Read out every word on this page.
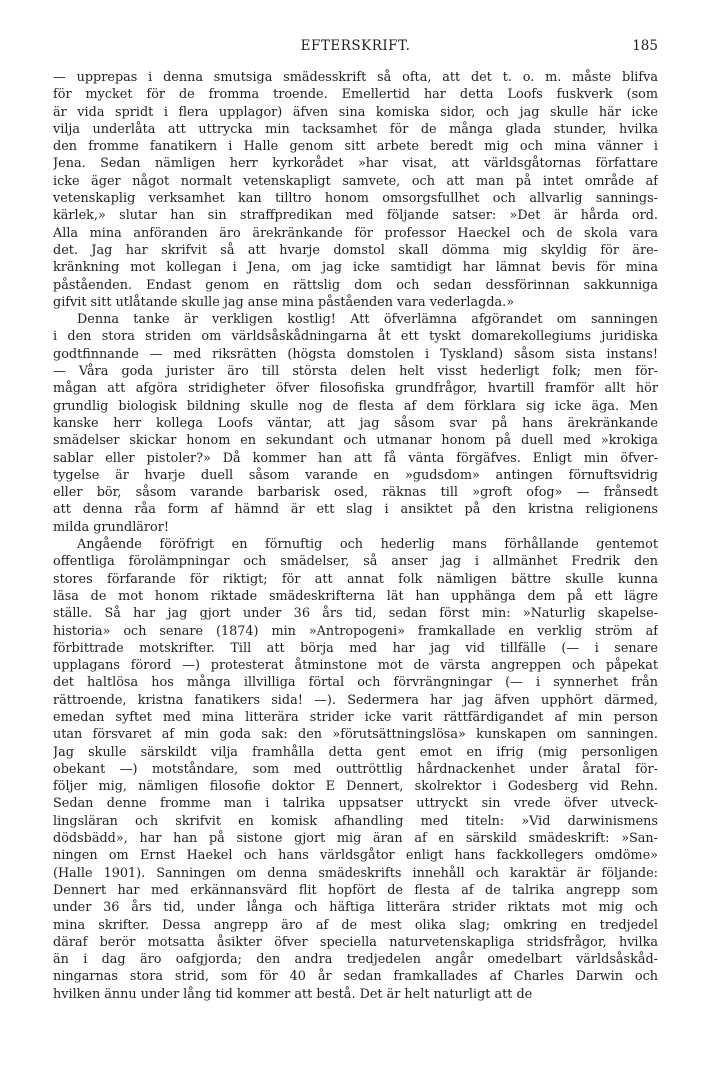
EFTERSKRIFT.	185
— upprepas i denna smutsiga smädesskrift så ofta, att det t. o. m. måste blifva
för mycket för de fromma troende. Emellertid har detta Loofs fuskverk (som
är vida spridt i flera upplagor) äfven sina komiska sidor, och jag skulle här icke
vilja underlåta att uttrycka min tacksamhet för de många glada stunder, hvilka
den fromme fanatikern i Halle genom sitt arbete beredt mig och mina vänner i
Jena. Sedan nämligen herr kyrkorådet »har visat, att världsgåtornas författare
icke äger något normalt vetenskapligt samvete, och att man på intet område af
vetenskaplig verksamhet kan tilltro honom omsorgsfullhet och allvarlig sannings-
kärlek,» slutar han sin straffpredikan med följande satser: »Det är hårda ord.
Alla mina anföranden äro ärekränkande för professor Haeckel och de skola vara
det. Jag har skrifvit så att hvarje domstol skall dömma mig skyldig för äre-
kränkning mot kollegan i Jena, om jag icke samtidigt har lämnat bevis för mina
påståenden. Endast genom en rättslig dom och sedan dessförinnan sakkunniga
gifvit sitt utlåtande skulle jag anse mina påståenden vara vederlagda.»
Denna tanke är verkligen kostlig! Att öfverlämna afgörandet om sanningen
i den stora striden om världsåskådningarna åt ett tyskt domarekollegiums juridiska
godtfinnande — med riksrätten (högsta domstolen i Tyskland) såsom sista instans!
— Våra goda jurister äro till största delen helt visst hederligt folk; men för-
mågan att afgöra stridigheter öfver filosofiska grundfrågor, hvartill framför allt hör
grundlig biologisk bildning skulle nog de flesta af dem förklara sig icke äga. Men
kanske herr kollega Loofs väntar, att jag såsom svar på hans ärekränkande
smädelser skickar honom en sekundant och utmanar honom på duell med »krokiga
sablar eller pistoler?» Då kommer han att få vänta förgäfves. Enligt min öfver-
tygelse är hvarje duell såsom varande en »gudsdom» antingen förnuftsvidrig
eller bör, såsom varande barbarisk osed, räknas till »groft ofog» — frånsedt
att denna råa form af hämnd är ett slag i ansiktet på den kristna religionens
milda grundläror!
Angående föröfrigt en förnuftig och hederlig mans förhållande gentemot
offentliga förolämpningar och smädelser, så anser jag i allmänhet Fredrik den
stores förfarande för riktigt; för att annat folk nämligen bättre skulle kunna
läsa de mot honom riktade smädeskrifterna lät han upphänga dem på ett lägre
ställe. Så har jag gjort under 36 års tid, sedan först min: »Naturlig skapelse-
historia» och senare (1874) min »Antropogeni» framkallade en verklig ström af
förbittrade motskrifter. Till att börja med har jag vid tillfälle (— i senare
upplagans förord —) protesterat åtminstone mot de värsta angreppen och påpekat
det haltlösa hos många illvilliga förtal och förvrängningar (— i synnerhet från
rättroende, kristna fanatikers sida! —). Sedermera har jag äfven upphört därmed,
emedan syftet med mina litterära strider icke varit rättfärdigandet af min person
utan försvaret af min goda sak: den »förutsättningslösa» kunskapen om sanningen.
Jag skulle särskildt vilja framhålla detta gent emot en ifrig (mig personligen
obekant —) motståndare, som med outtröttlig hårdnackenhet under åratal för-
följer mig, nämligen filosofie doktor E Dennert, skolrektor i Godesberg vid Rehn.
Sedan denne fromme man i talrika uppsatser uttryckt sin vrede öfver utveck-
lingsläran och skrifvit en komisk afhandling med titeln: »Vid darwinismens
dödsbädd», har han på sistone gjort mig äran af en särskild smädeskrift: »San-
ningen om Ernst Haekel och hans världsgåtor enligt hans fackkollegers omdöme»
(Halle 1901). Sanningen om denna smädeskrifts innehåll och karaktär är följande:
Dennert har med erkännansvärd flit hopfört de flesta af de talrika angrepp som
under 36 års tid, under långa och häftiga litterära strider riktats mot mig och
mina skrifter. Dessa angrepp äro af de mest olika slag; omkring en tredjedel
däraf berör motsatta åsikter öfver speciella naturvetenskapliga stridsfrågor, hvilka
än i dag äro oafgjorda; den andra tredjedelen angår omedelbart världsåskåd-
ningarnas stora strid, som för 40 år sedan framkallades af Charles Darwin och
hvilken ännu under lång tid kommer att bestå. Det är helt naturligt att de
